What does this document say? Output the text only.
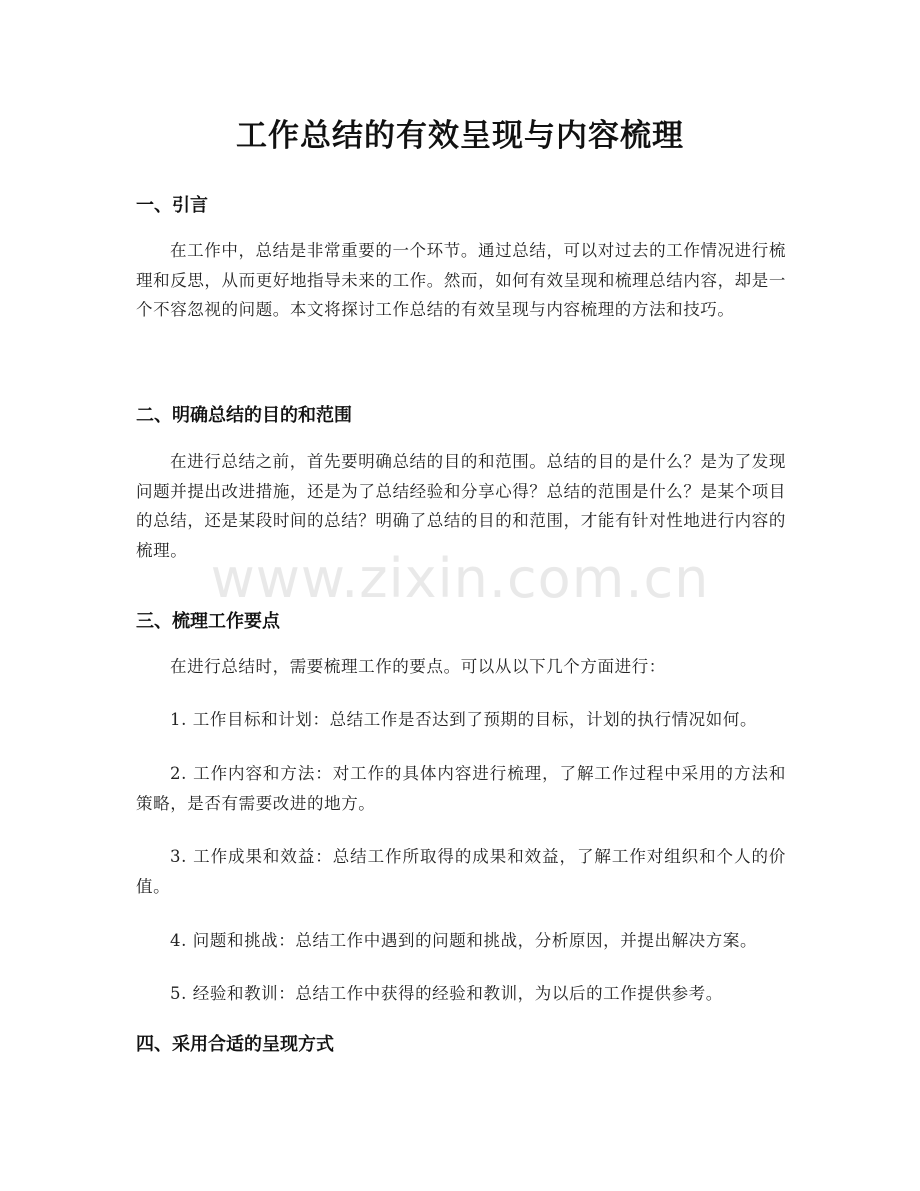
工作总结的有效呈现与内容梳理
一、引言
在工作中，总结是非常重要的一个环节。通过总结，可以对过去的工作情况进行梳理和反思，从而更好地指导未来的工作。然而，如何有效呈现和梳理总结内容，却是一个不容忽视的问题。本文将探讨工作总结的有效呈现与内容梳理的方法和技巧。
二、明确总结的目的和范围
在进行总结之前，首先要明确总结的目的和范围。总结的目的是什么？是为了发现问题并提出改进措施，还是为了总结经验和分享心得？总结的范围是什么？是某个项目的总结，还是某段时间的总结？明确了总结的目的和范围，才能有针对性地进行内容的梳理。
三、梳理工作要点
在进行总结时，需要梳理工作的要点。可以从以下几个方面进行：
1. 工作目标和计划：总结工作是否达到了预期的目标，计划的执行情况如何。
2. 工作内容和方法：对工作的具体内容进行梳理，了解工作过程中采用的方法和策略，是否有需要改进的地方。
3. 工作成果和效益：总结工作所取得的成果和效益，了解工作对组织和个人的价值。
4. 问题和挑战：总结工作中遇到的问题和挑战，分析原因，并提出解决方案。
5. 经验和教训：总结工作中获得的经验和教训，为以后的工作提供参考。
四、采用合适的呈现方式
www.zixin.com.cn
